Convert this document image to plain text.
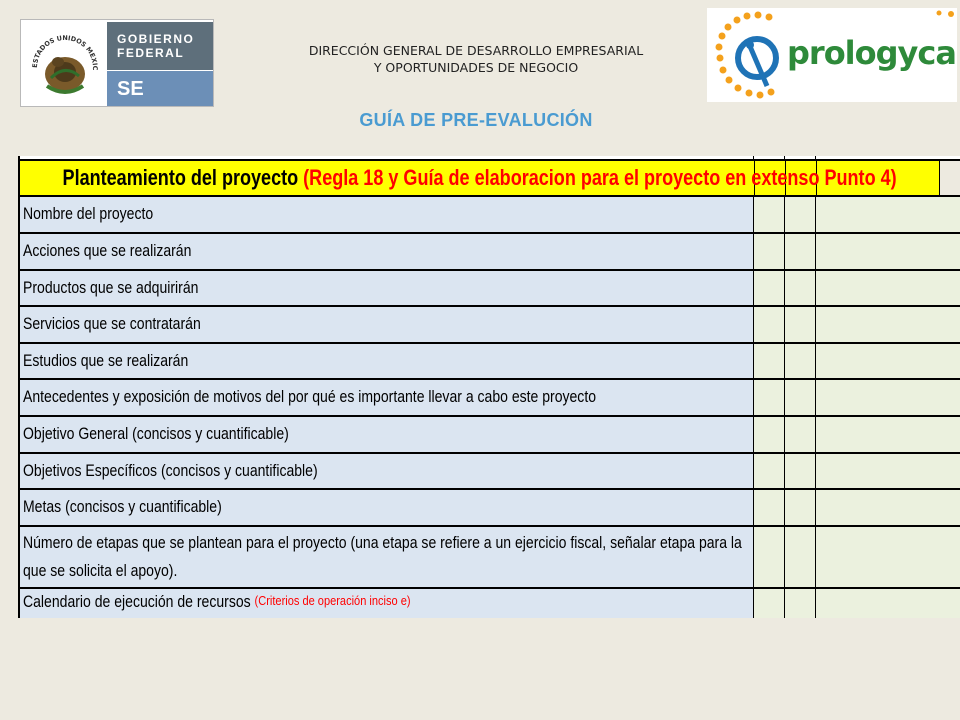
ESTADOS UNIDOS MEXIC
GOBIERNO
FEDERAL
SE
DIRECCIÓN GENERAL DE DESARROLLO EMPRESARIAL
Y OPORTUNIDADES DE NEGOCIO	prologyca
GUÍA DE PRE-EVALUCIÓN
Planteamiento del proyecto (Regla 18 y Guía de elaboracion para el proyecto en extenso Punto 4)
Nombre del proyecto
Acciones que se realizarán
Productos que se adquirirán
Servicios que se contratarán
Estudios que se realizarán
Antecedentes y exposición de motivos del por qué es importante llevar a cabo este proyecto
Objetivo General (concisos y cuantificable)
Objetivos Específicos (concisos y cuantificable)
Metas (concisos y cuantificable)
Número de etapas que se plantean para el proyecto (una etapa se refiere a un ejercicio fiscal, señalar etapa para la que se solicita el apoyo).
Calendario de ejecución de recursos
(Criterios de operación inciso e)
